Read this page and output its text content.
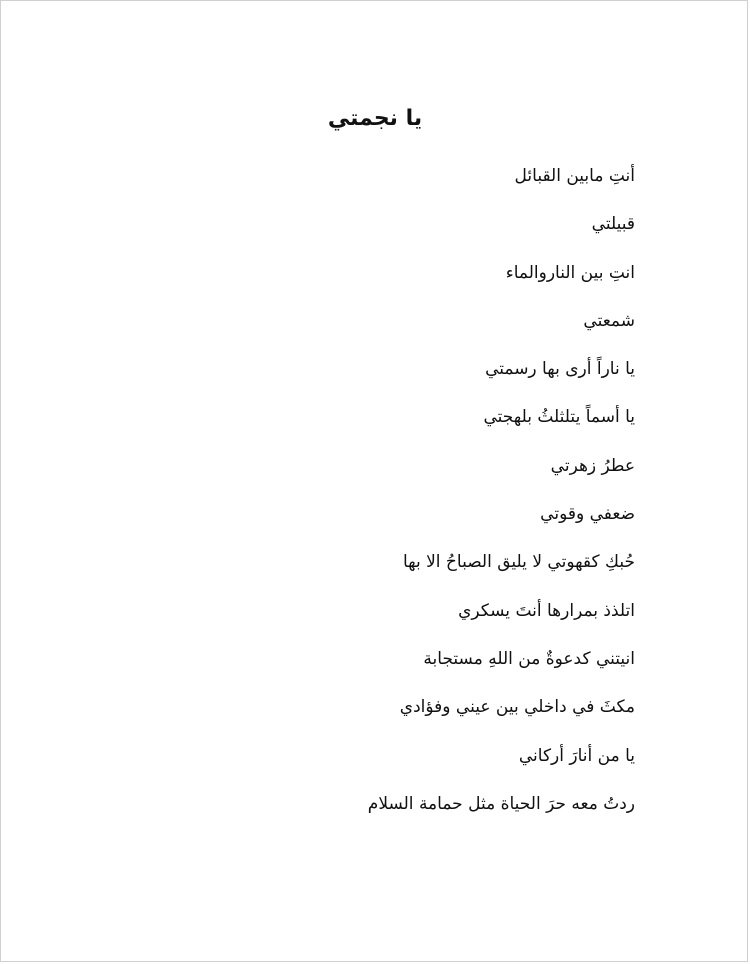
يا نجمتي
أنتِ مابين القبائل
قبيلتي
انتِ بين الناروالماء
شمعتي
يا ناراً أرى بها رسمتي
يا أسماً يتلثلثُ بلهجتي
عطرُ زهرتي
ضعفي وقوتي
حُبكِ كقهوتي لا يليق الصباحُ الا بها
اتلذذ بمرارها أنتَ يسكري
انيتني كدعوةٌ من اللهِ مستجابة
مكثَ في داخلي بين عيني وفؤادي
يا من أنارَ أركاني
ردتُ معه حرَ الحياة مثل حمامة السلام
